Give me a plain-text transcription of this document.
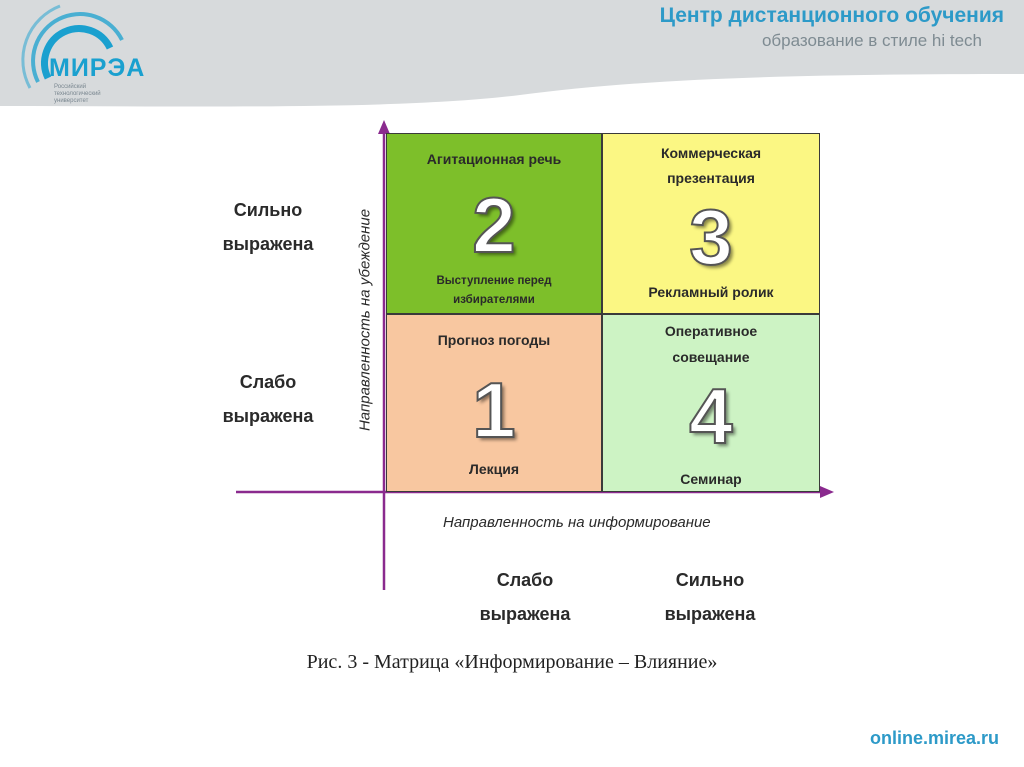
МИРЭА
Российский технологический университет
Центр дистанционного обучения
образование в стиле hi tech
Агитационная речь
2
Выступление перед избирателями
Коммерческая презентация
3
Рекламный ролик
Прогноз погоды
1
Лекция
Оперативное совещание
4
Семинар
Направленность на убеждение
Направленность на информирование
Сильно выражена
Слабо выражена
Слабо выражена
Сильно выражена
Рис. 3 - Матрица «Информирование – Влияние»
online.mirea.ru
